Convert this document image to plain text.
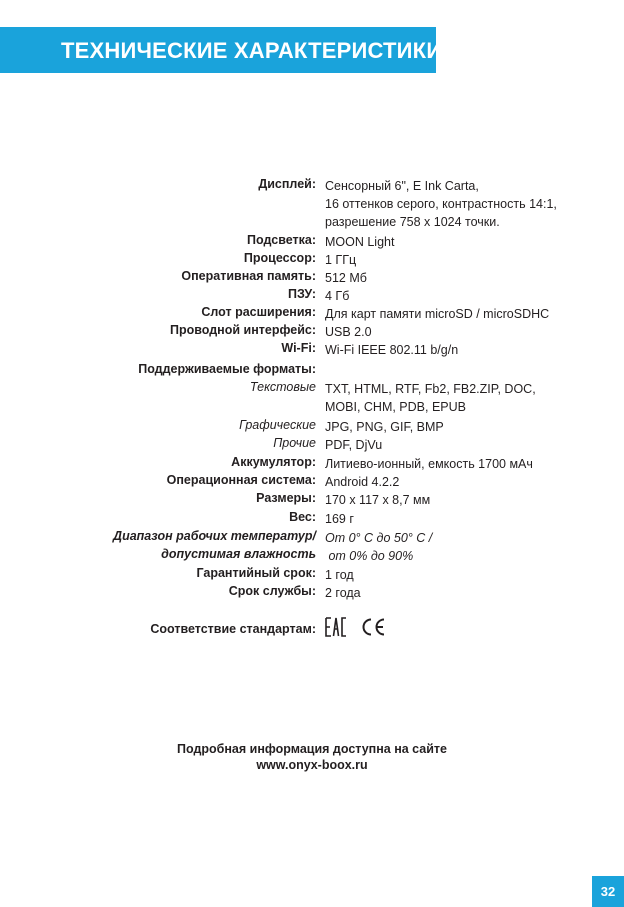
ТЕХНИЧЕСКИЕ ХАРАКТЕРИСТИКИ
Дисплей: Сенсорный 6", E Ink Carta,
16 оттенков серого, контрастность 14:1,
разрешение 758 x 1024 точки.
Подсветка: MOON Light
Процессор: 1 ГГц
Оперативная память: 512 Мб
ПЗУ: 4 Гб
Слот расширения: Для карт памяти microSD / microSDHC
Проводной интерфейс: USB 2.0
Wi-Fi: Wi-Fi IEEE 802.11 b/g/n
Поддерживаемые форматы:
Текстовые TXT, HTML, RTF, Fb2, FB2.ZIP, DOC,
MOBI, CHM, PDB, EPUB
Графические JPG, PNG, GIF, BMP
Прочие PDF, DjVu
Аккумулятор: Литиево-ионный, емкость 1700 мАч
Операционная система: Android 4.2.2
Размеры: 170 x 117 x 8,7 мм
Вес: 169 г
Диапазон рабочих температур/ От 0° С до 50° С /
допустимая влажность от 0% до 90%
Гарантийный срок: 1 год
Срок службы: 2 года
Соответствие стандартам:
Подробная информация доступна на сайте
www.onyx-boox.ru
32
